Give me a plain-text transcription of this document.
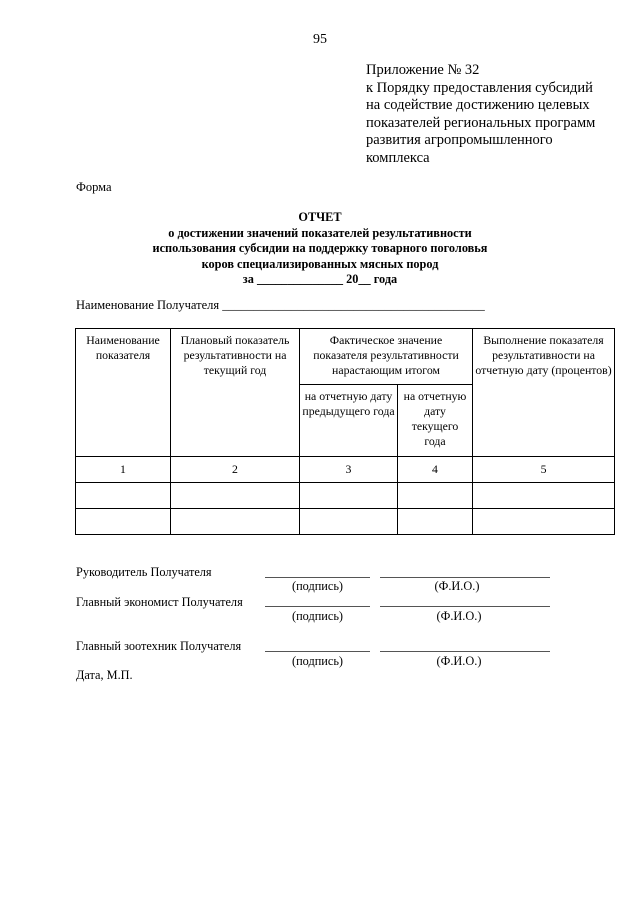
95
Приложение № 32
к Порядку предоставления субсидий
на содействие достижению целевых
показателей региональных программ
развития агропромышленного
комплекса
Форма
ОТЧЕТ
о достижении значений показателей результативности
использования субсидии на поддержку товарного поголовья
коров специализированных мясных пород
за ______________ 20__ года
Наименование Получателя __________________________________________
Наименование показателя	Плановый показатель результативности на текущий год	Фактическое значение показателя результативности нарастающим итогом		Выполнение показателя результативности на отчетную дату (процентов)
		на отчетную дату предыдущего года	на отчетную дату текущего года	
1	2	3	4	5

Руководитель Получателя
(подпись)	(Ф.И.О.)
Главный экономист Получателя
(подпись)	(Ф.И.О.)
Главный зоотехник Получателя
(подпись)	(Ф.И.О.)
Дата, М.П.
